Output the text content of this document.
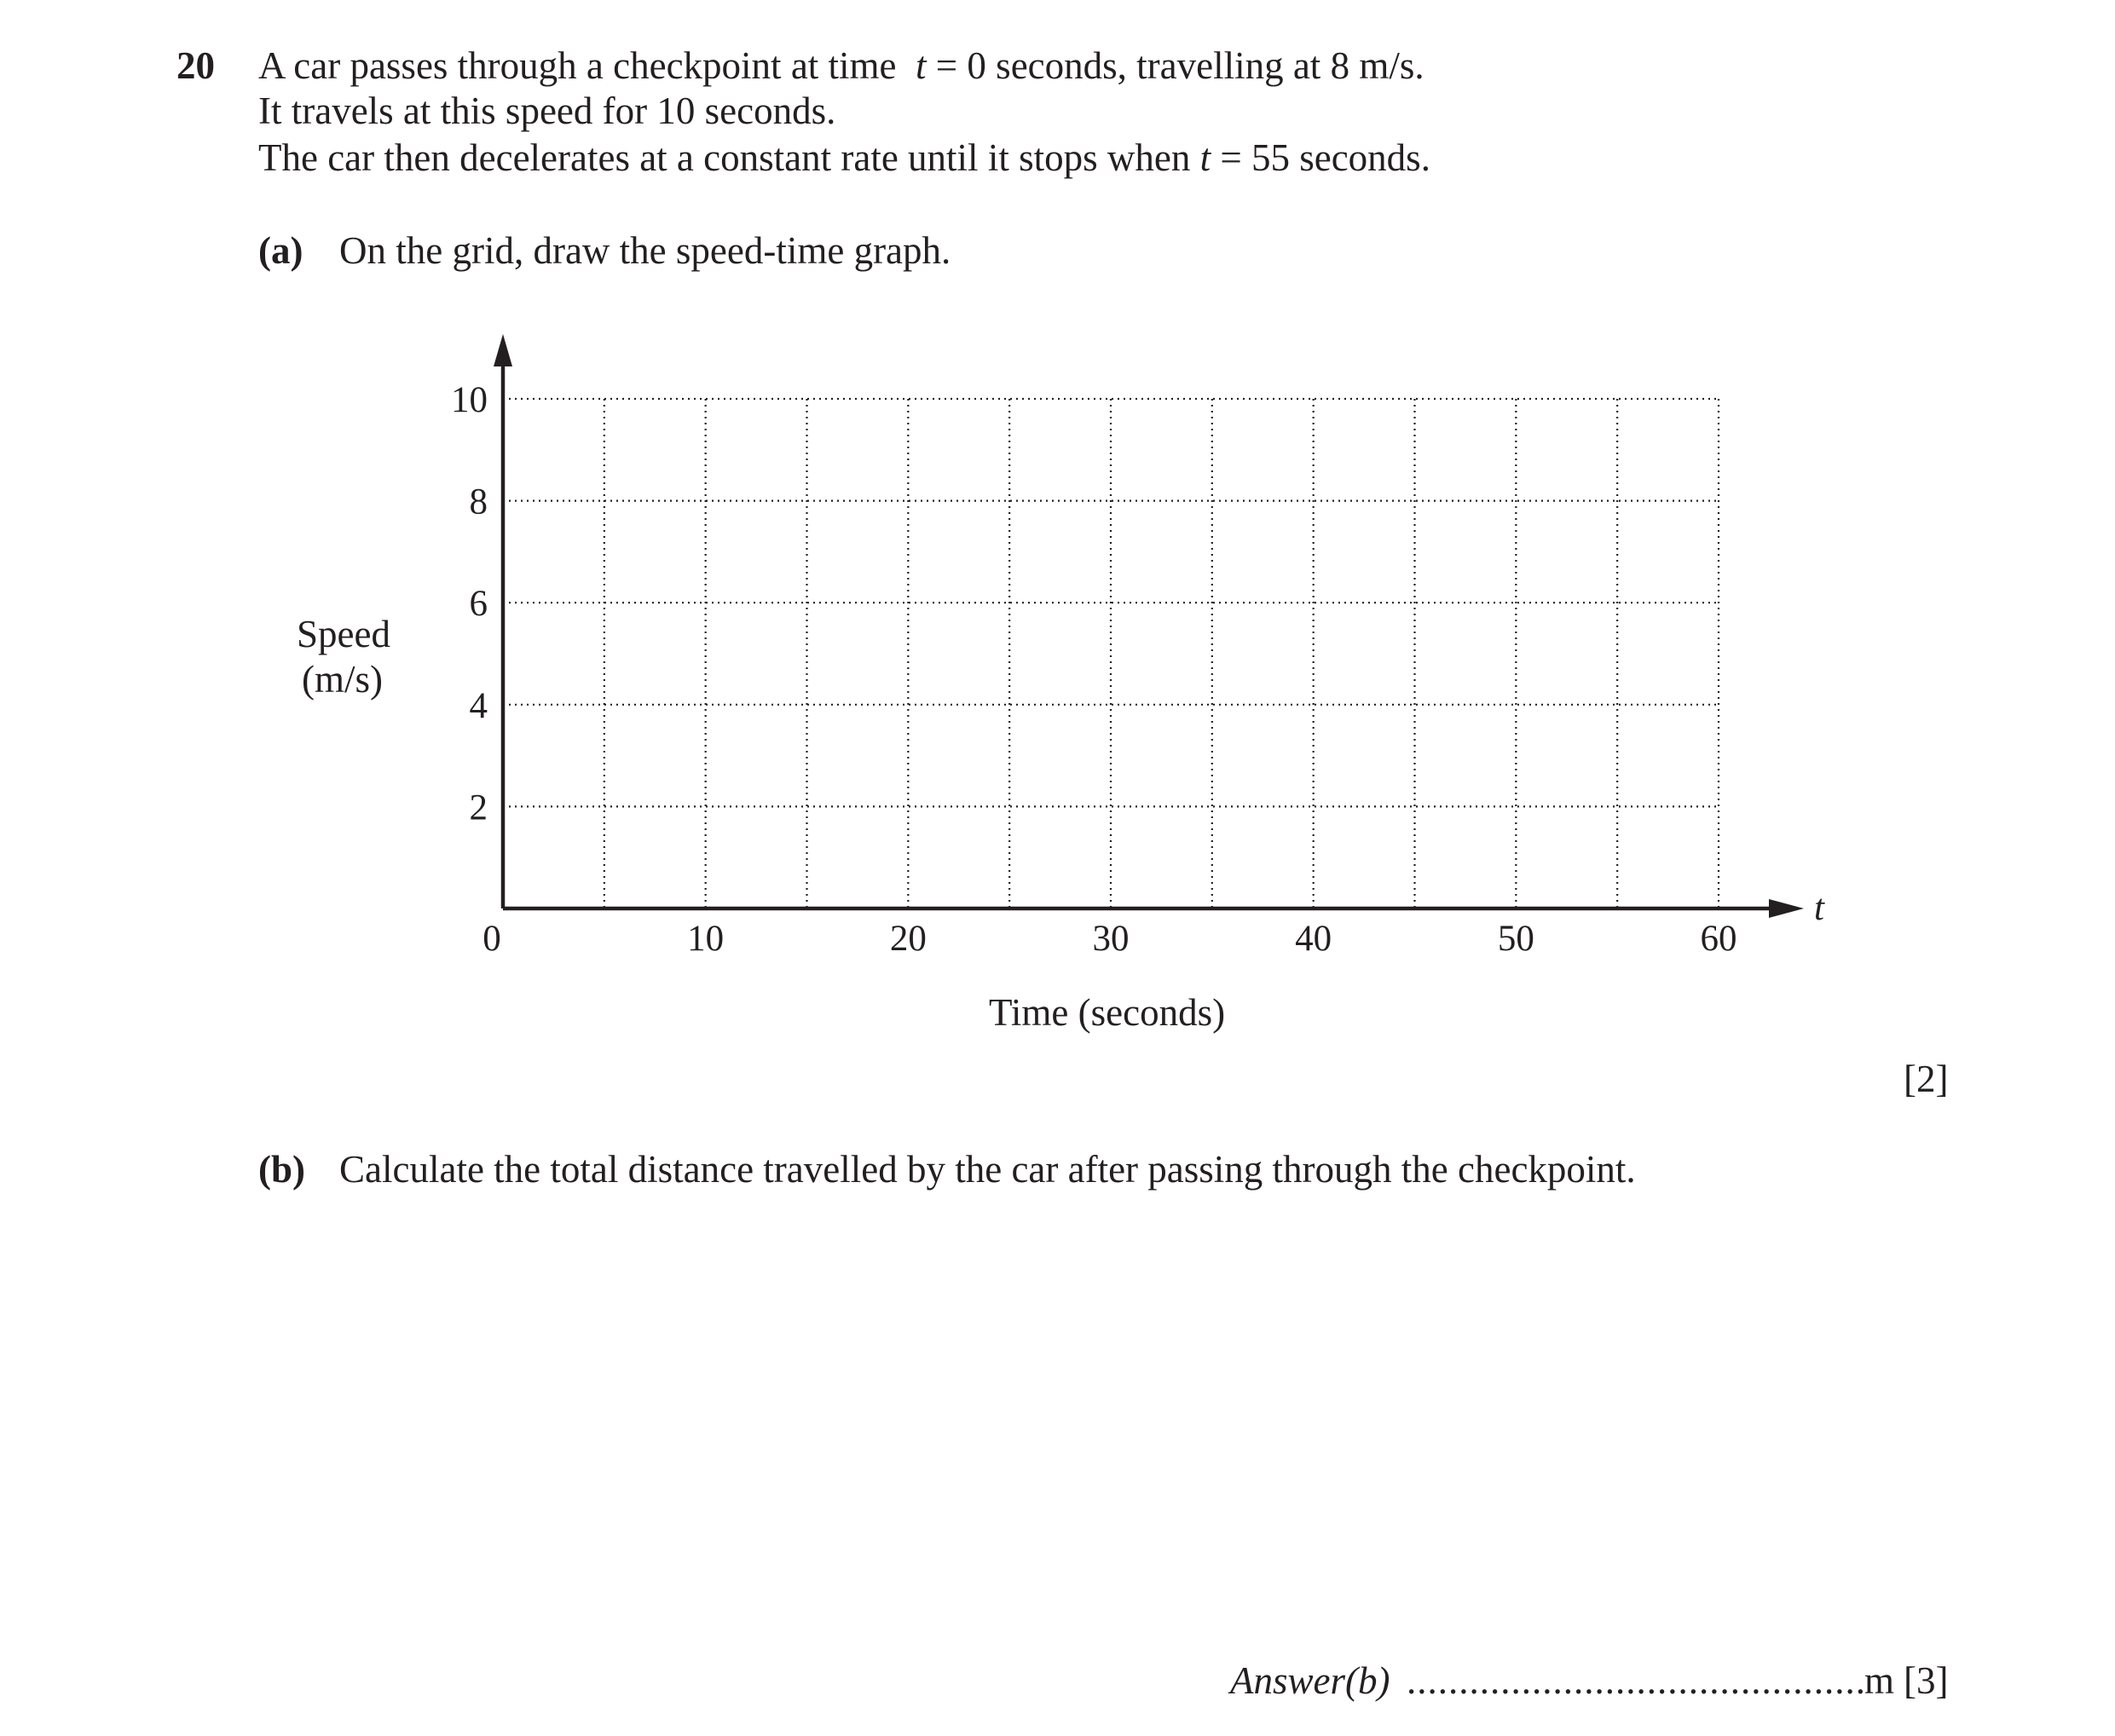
20 A car passes through a checkpoint at time t = 0 seconds, travelling at 8 m/s.
It travels at this speed for 10 seconds.
The car then decelerates at a constant rate until it stops when t = 55 seconds.
(a) On the grid, draw the speed-time graph.
Speed
(m/s)
0	10	20	30	40	50	60
2
4
6
8
10
t
Time (seconds)
[2]
(b) Calculate the total distance travelled by the car after passing through the checkpoint.
Answer(b) ............................................
m [3]
